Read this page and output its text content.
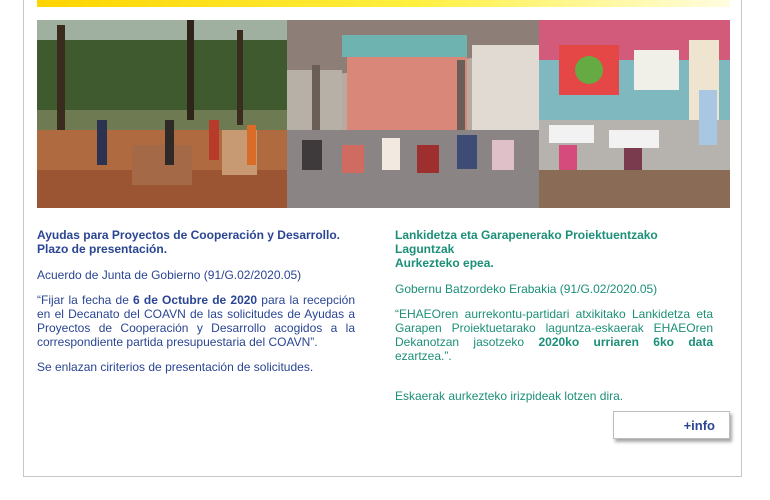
Ayudas para Proyectos de Cooperación y Desarrollo.
Plazo de presentación.

Acuerdo de Junta de Gobierno (91/G.02/2020.05)

“Fijar la fecha de 6 de Octubre de 2020 para la recepción en el Decanato del COAVN de las solicitudes de Ayudas a Proyectos de Cooperación y Desarrollo acogidos a la correspondiente partida presupuestaria del COAVN”.

Se enlazan ciriterios de presentación de solicitudes.

Lankidetza eta Garapenerako Proiektuentzako Laguntzak
Aurkezteko epea.

Gobernu Batzordeko Erabakia (91/G.02/2020.05)

“EHAEOren aurrekontu-partidari atxikitako Lankidetza eta Garapen Proiektuetarako laguntza-eskaerak EHAEOren Dekanotzan jasotzeko 2020ko urriaren 6ko data ezartzea.”.

Eskaerak aurkezteko irizpideak lotzen dira.

+info
